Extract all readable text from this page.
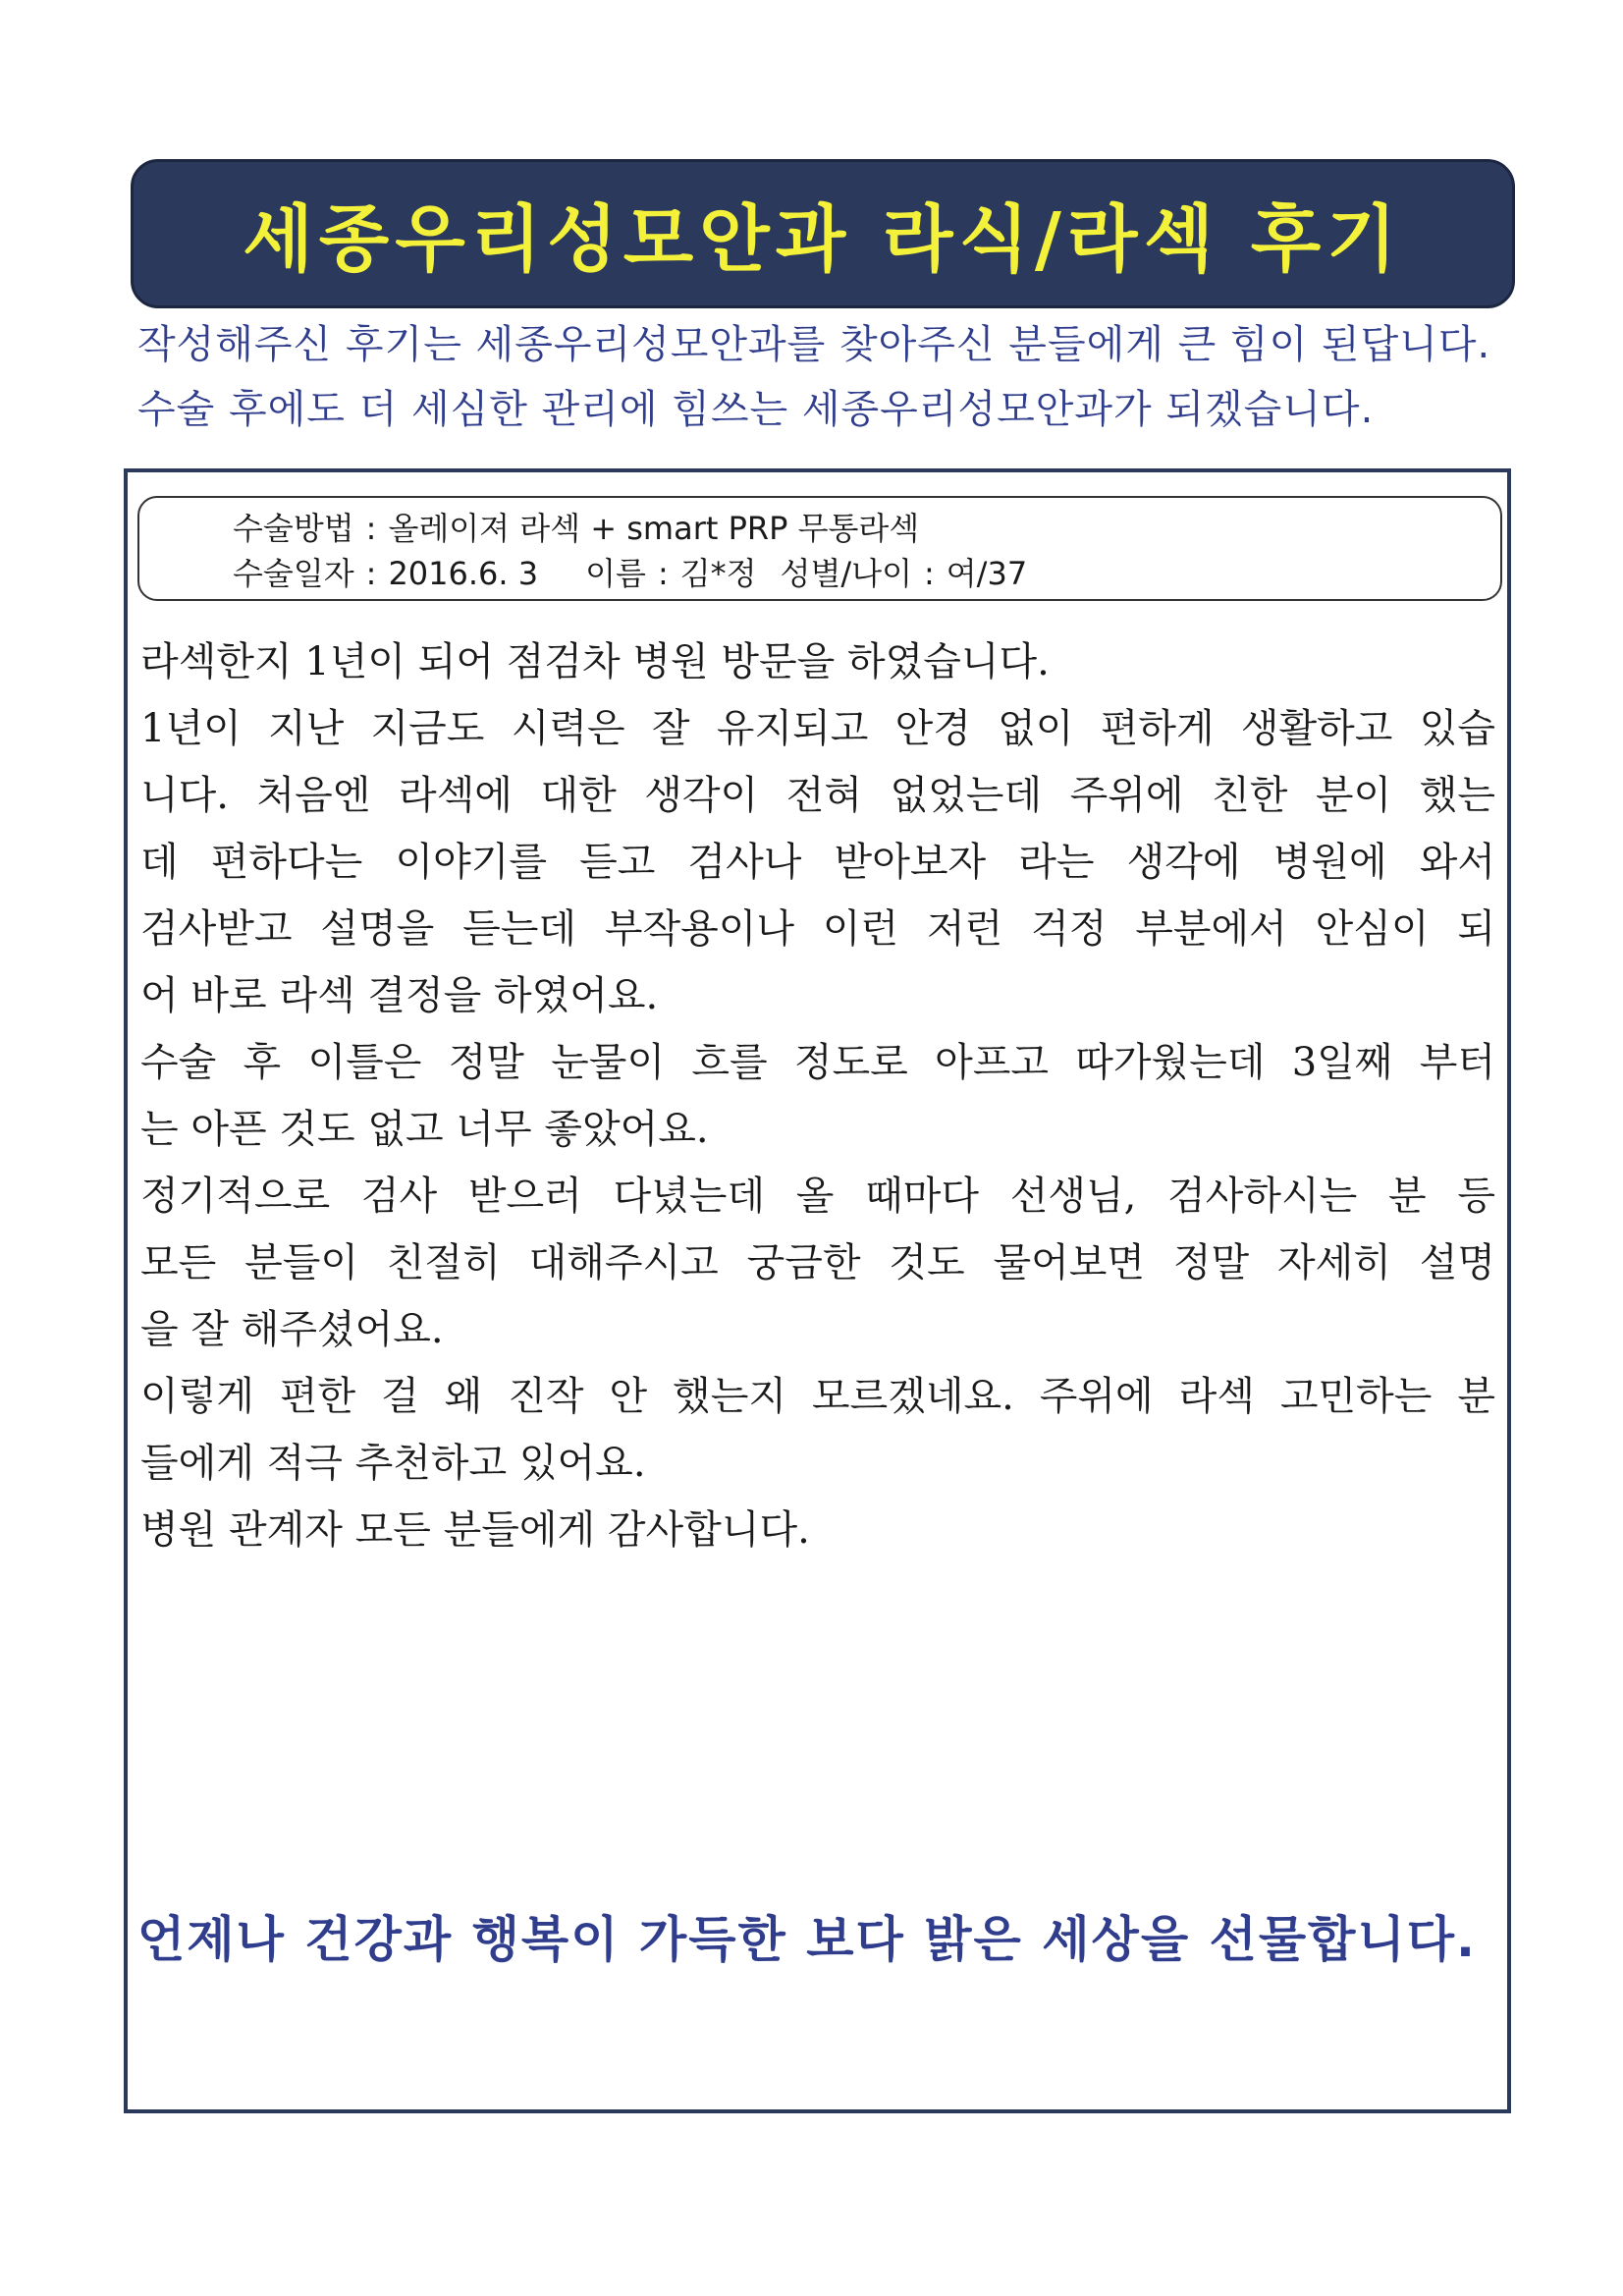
세종우리성모안과 라식/라섹 후기
작성해주신 후기는 세종우리성모안과를 찾아주신 분들에게 큰 힘이 된답니다.
수술 후에도 더 세심한 관리에 힘쓰는 세종우리성모안과가 되겠습니다.
수술방법 : 올레이져 라섹 + smart PRP 무통라섹
수술일자 : 2016.6. 3 이름 : 김*정 성별/나이 : 여/37
라섹한지 1년이 되어 점검차 병원 방문을 하였습니다.
1년이 지난 지금도 시력은 잘 유지되고 안경 없이 편하게 생활하고 있습
니다. 처음엔 라섹에 대한 생각이 전혀 없었는데 주위에 친한 분이 했는
데 편하다는 이야기를 듣고 검사나 받아보자 라는 생각에 병원에 와서
검사받고 설명을 듣는데 부작용이나 이런 저런 걱정 부분에서 안심이 되
어 바로 라섹 결정을 하였어요.
수술 후 이틀은 정말 눈물이 흐를 정도로 아프고 따가웠는데 3일째 부터
는 아픈 것도 없고 너무 좋았어요.
정기적으로 검사 받으러 다녔는데 올 때마다 선생님, 검사하시는 분 등
모든 분들이 친절히 대해주시고 궁금한 것도 물어보면 정말 자세히 설명
을 잘 해주셨어요.
이렇게 편한 걸 왜 진작 안 했는지 모르겠네요. 주위에 라섹 고민하는 분
들에게 적극 추천하고 있어요.
병원 관계자 모든 분들에게 감사합니다.
언제나 건강과 행복이 가득한 보다 밝은 세상을 선물합니다.
